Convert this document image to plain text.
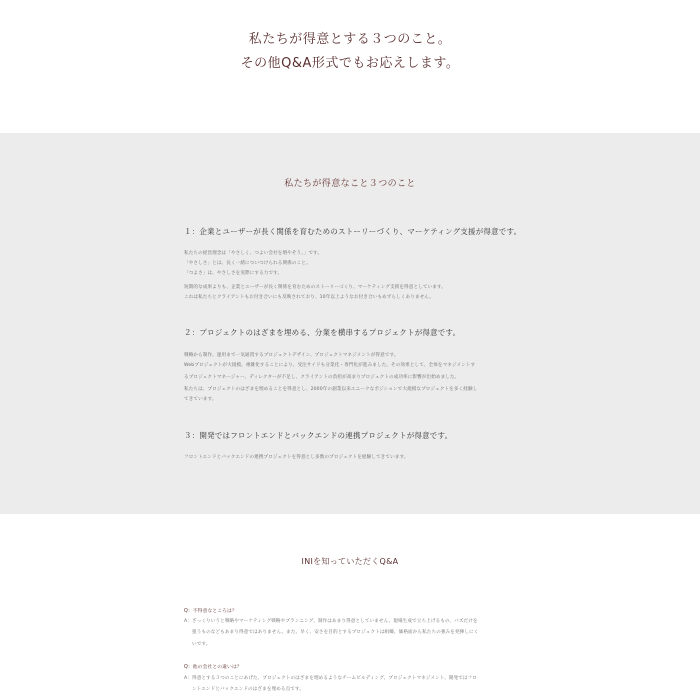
私たちが得意とする３つのこと。
その他Q&A形式でもお応えします。
私たちが得意なこと３つのこと
１：企業とユーザーが長く関係を育むためのストーリーづくり、マーケティング支援が得意です。
私たちの経営理念は「やさしく、つよい会社を増やそう。」です。
「やさしさ」とは、長く一緒についつけられる関係のこと。
「つよさ」は、やさしさを実際にする力です。
短期的な成果よりも、企業とユーザーが長く関係を育むためのストーリーづくり、マーケティング支援を得意としています。
これは私たちとクライアントもお付き合いにも反映されており、10年以上ようなお付き合いもめずらしくありません。
２：プロジェクトのはざまを埋める、分業を横串するプロジェクトが得意です。
戦略から制作、運用まで一気通貫するプロジェクトデザイン、プロジェクトマネジメントが得意です。
Webプロジェクトが大規模、複雑化することにより、受注サイドも分業化・専門化が進みました。その効果として、全体をマネジメントす
るプロジェクトマネージャー、ディレクターが不足し、クライアントの負担が高まりプロジェクトの成功率に影響が出始めました。
私たちは、プロジェクトのはざまを埋めることを得意とし、2000年の創業以来ユニークなポジションで大規模なプロジェクトを多く経験し
てきています。
３：開発ではフロントエンドとバックエンドの連携プロジェクトが得意です。
フロントエンドとバックエンドの連携プロジェクトを得意とし多数のプロジェクトを経験してきています。
INIを知っていただくQ&A
Q：不得意なところは？
A：ざっくりいうと戦略やマーケティング戦略やプランニング、制作はあまり得意としていません。現場生成で立ち上げるもの、バズだけを
狙うものなどもあまり得意ではありません。また、早く、安さを目的とするプロジェクトは組織、価格面から私たちの強みを発揮しにく
いです。
Q：他の会社との違いは？
A：得意とする３つのことにあげた、プロジェクトのはざまを埋めるようなチームビルディング、プロジェクトマネジメント、開発ではフロ
ントエンドとバックエンドのはざまを埋める点です。
